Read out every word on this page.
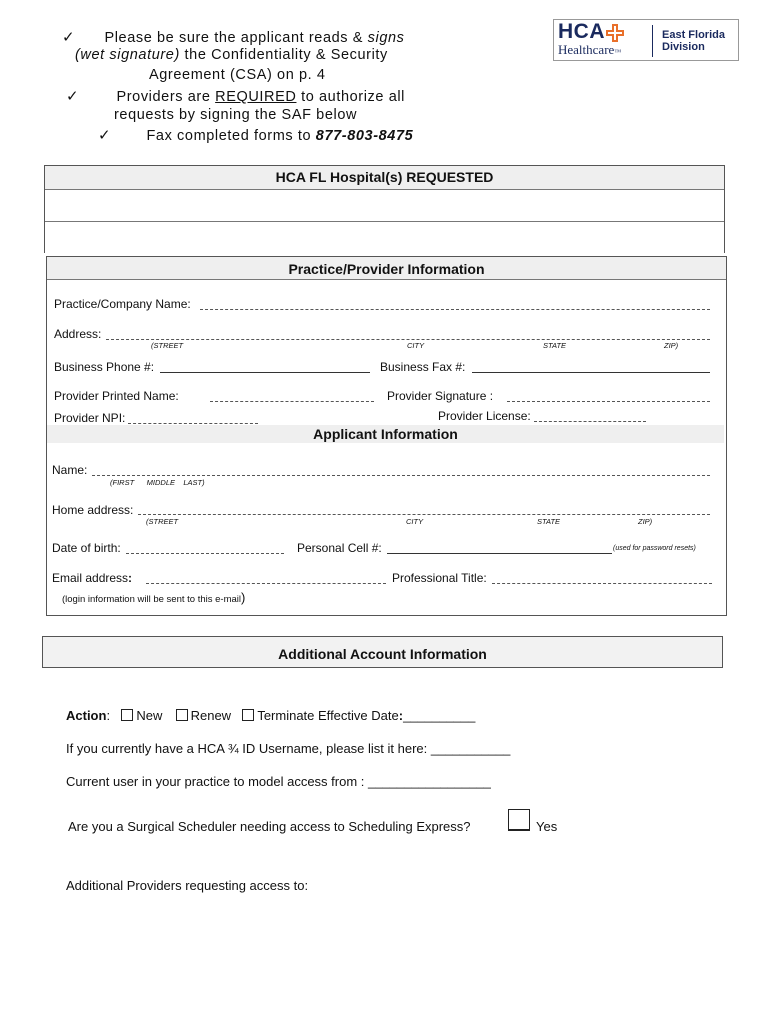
✓ Please be sure the applicant reads & signs
(wet signature) the Confidentiality & Security
Agreement (CSA) on p. 4
✓	Providers are REQUIRED to authorize all
requests by signing the SAF below
✓ Fax completed forms to 877-803-8475
HCA
Healthcare™
East Florida
Division
HCA FL Hospital(s) REQUESTED
Practice/Provider Information
Practice/Company Name:
Address:
(STREET	CITY	STATE	ZIP)
Business Phone #:	Business Fax #:
Provider Printed Name:	Provider Signature :
Provider NPI:	Provider License:
Applicant Information
Name:
(FIRST      MIDDLE    LAST)
Home address:
(STREET	CITY	STATE	ZIP)
Date of birth:	Personal Cell #:	(used for password resets)
Email address:	Professional Title:
(login information will be sent to this e-mail)
Additional Account Information
Action: New Renew Terminate Effective Date:__________
If you currently have a HCA ¾ ID Username, please list it here: ___________
Current user in your practice to model access from : _________________
Are you a Surgical Scheduler needing access to Scheduling Express?	Yes
Additional Providers requesting access to:
